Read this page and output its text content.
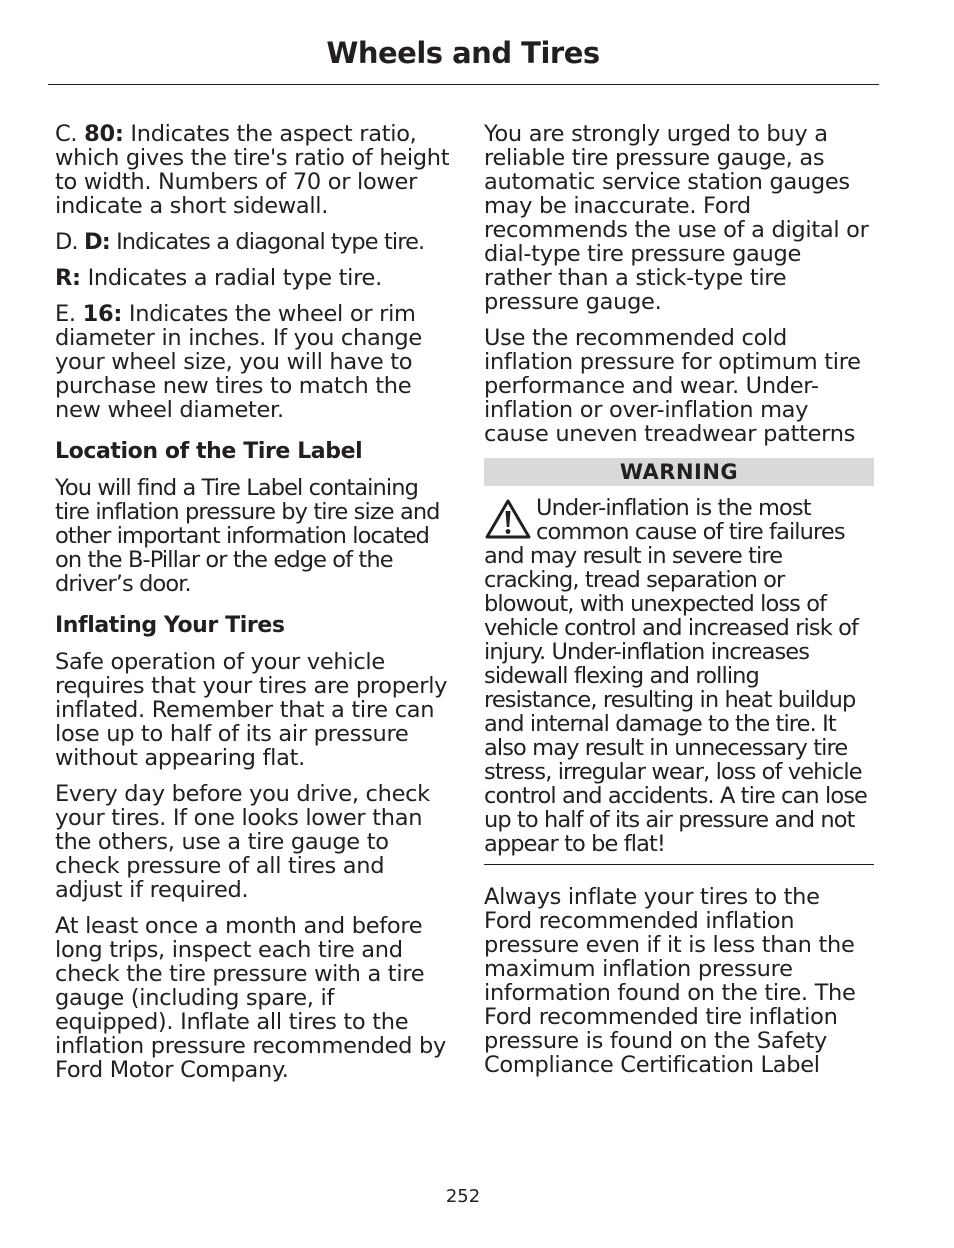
Wheels and Tires

C. 80: Indicates the aspect ratio, which gives the tire's ratio of height to width. Numbers of 70 or lower indicate a short sidewall.

D. D: Indicates a diagonal type tire.

R: Indicates a radial type tire.

E. 16: Indicates the wheel or rim diameter in inches. If you change your wheel size, you will have to purchase new tires to match the new wheel diameter.

Location of the Tire Label

You will find a Tire Label containing tire inflation pressure by tire size and other important information located on the B-Pillar or the edge of the driver’s door.

Inflating Your Tires

Safe operation of your vehicle requires that your tires are properly inflated. Remember that a tire can lose up to half of its air pressure without appearing flat.

Every day before you drive, check your tires. If one looks lower than the others, use a tire gauge to check pressure of all tires and adjust if required.

At least once a month and before long trips, inspect each tire and check the tire pressure with a tire gauge (including spare, if equipped). Inflate all tires to the inflation pressure recommended by Ford Motor Company.

You are strongly urged to buy a reliable tire pressure gauge, as automatic service station gauges may be inaccurate. Ford recommends the use of a digital or dial-type tire pressure gauge rather than a stick-type tire pressure gauge.

Use the recommended cold inflation pressure for optimum tire performance and wear. Under-inflation or over-inflation may cause uneven treadwear patterns

WARNING

Under-inflation is the most common cause of tire failures and may result in severe tire cracking, tread separation or blowout, with unexpected loss of vehicle control and increased risk of injury. Under-inflation increases sidewall flexing and rolling resistance, resulting in heat buildup and internal damage to the tire. It also may result in unnecessary tire stress, irregular wear, loss of vehicle control and accidents. A tire can lose up to half of its air pressure and not appear to be flat!

Always inflate your tires to the Ford recommended inflation pressure even if it is less than the maximum inflation pressure information found on the tire. The Ford recommended tire inflation pressure is found on the Safety Compliance Certification Label

252
